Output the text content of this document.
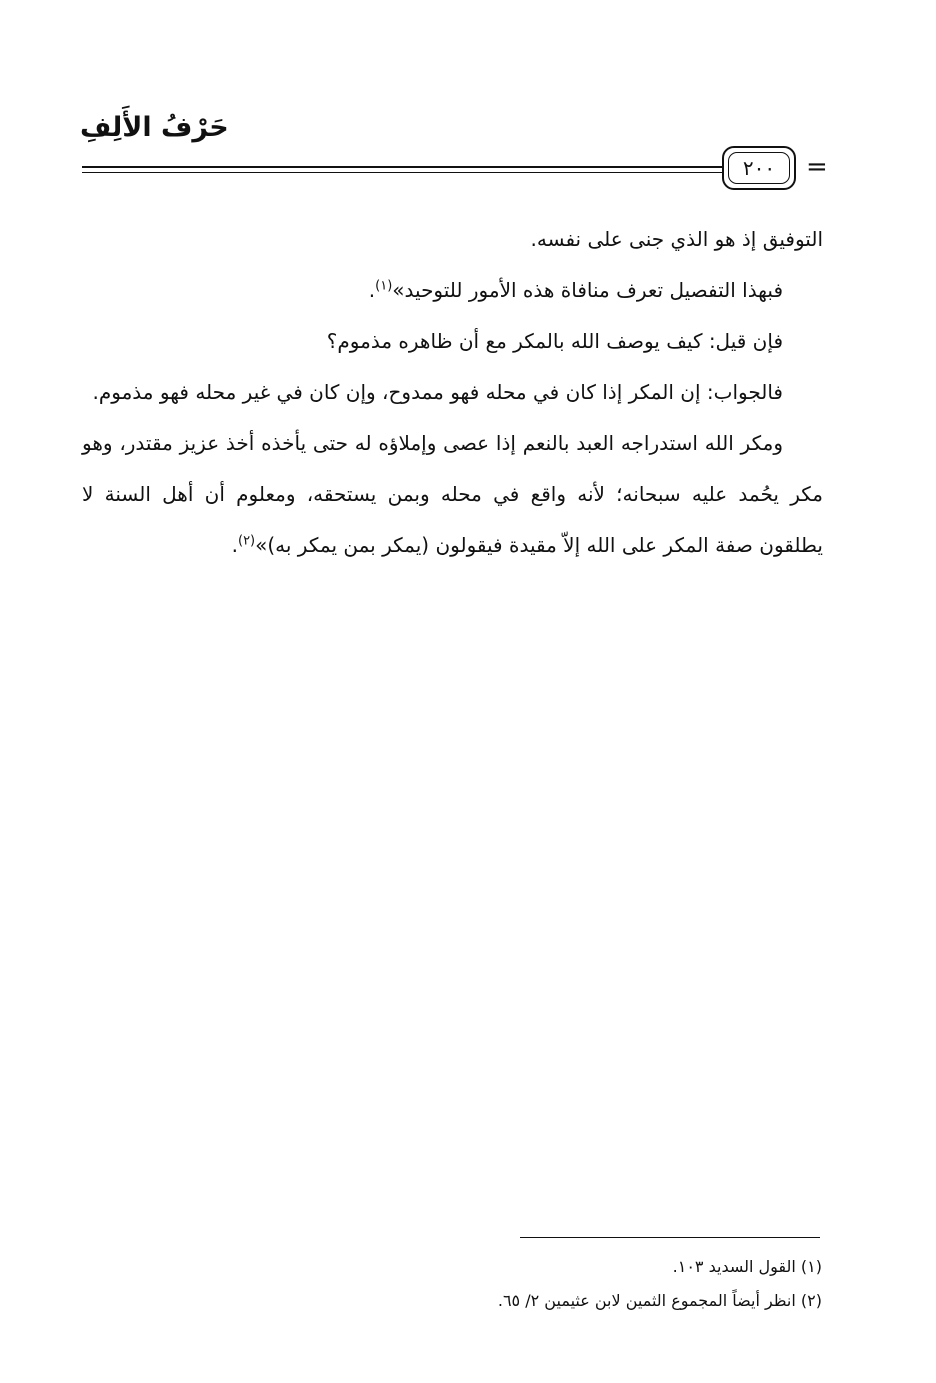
حَرْفُ الأَلِفِ
٢٠٠	=

التوفيق إذ هو الذي جنى على نفسه.

فبهذا التفصيل تعرف منافاة هذه الأمور للتوحيد»$^{(١)}$.

فإن قيل: كيف يوصف الله بالمكر مع أن ظاهره مذموم؟

فالجواب: إن المكر إذا كان في محله فهو ممدوح، وإن كان في غير محله فهو مذموم.

ومكر الله استدراجه العبد بالنعم إذا عصى وإملاؤه له حتى يأخذه أخذ عزيز مقتدر، وهو مكر يحُمد عليه سبحانه؛ لأنه واقع في محله وبمن يستحقه، ومعلوم أن أهل السنة لا يطلقون صفة المكر على الله إلاّ مقيدة فيقولون (يمكر بمن يمكر به)»$^{(٢)}$.

(١) القول السديد ١٠٣.

(٢) انظر أيضاً المجموع الثمين لابن عثيمين ٢/ ٦٥.
